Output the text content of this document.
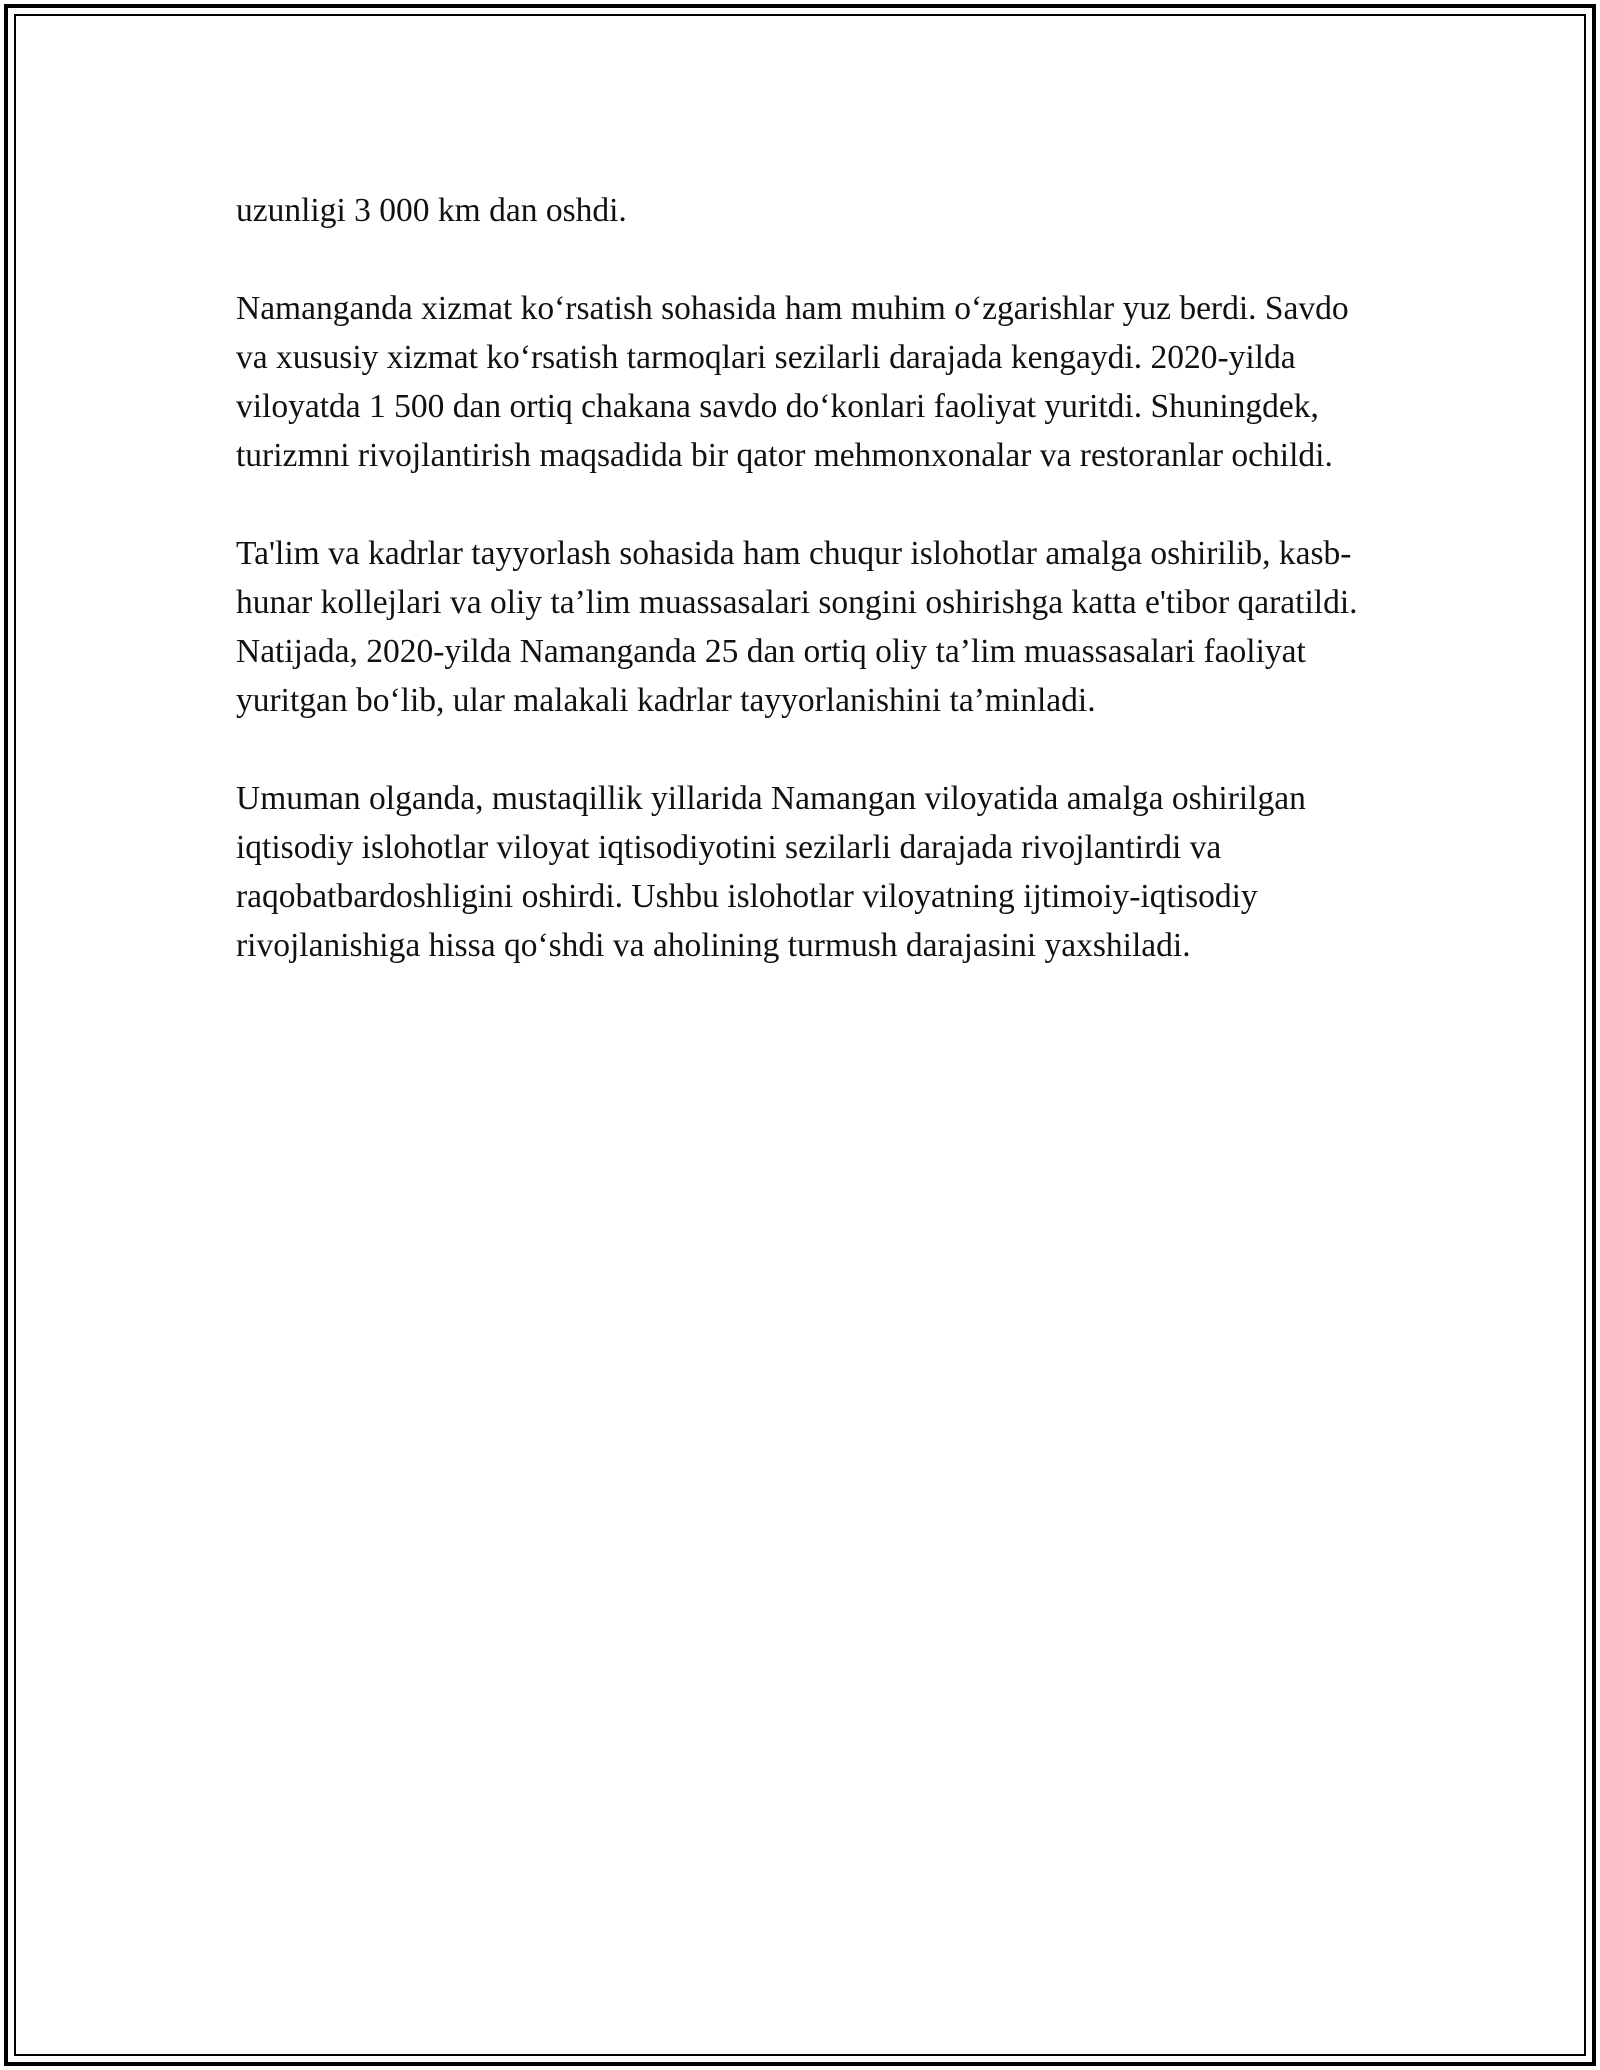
uzunligi 3 000 km dan oshdi.

Namanganda xizmat ko‘rsatish sohasida ham muhim o‘zgarishlar yuz berdi. Savdo va xususiy xizmat ko‘rsatish tarmoqlari sezilarli darajada kengaydi. 2020-yilda viloyatda 1 500 dan ortiq chakana savdo do‘konlari faoliyat yuritdi. Shuningdek, turizmni rivojlantirish maqsadida bir qator mehmonxonalar va restoranlar ochildi.

Ta'lim va kadrlar tayyorlash sohasida ham chuqur islohotlar amalga oshirilib, kasb-hunar kollejlari va oliy ta’lim muassasalari songini oshirishga katta e'tibor qaratildi. Natijada, 2020-yilda Namanganda 25 dan ortiq oliy ta’lim muassasalari faoliyat yuritgan bo‘lib, ular malakali kadrlar tayyorlanishini ta’minladi.

Umuman olganda, mustaqillik yillarida Namangan viloyatida amalga oshirilgan iqtisodiy islohotlar viloyat iqtisodiyotini sezilarli darajada rivojlantirdi va raqobatbardoshligini oshirdi. Ushbu islohotlar viloyatning ijtimoiy-iqtisodiy rivojlanishiga hissa qo‘shdi va aholining turmush darajasini yaxshiladi.
